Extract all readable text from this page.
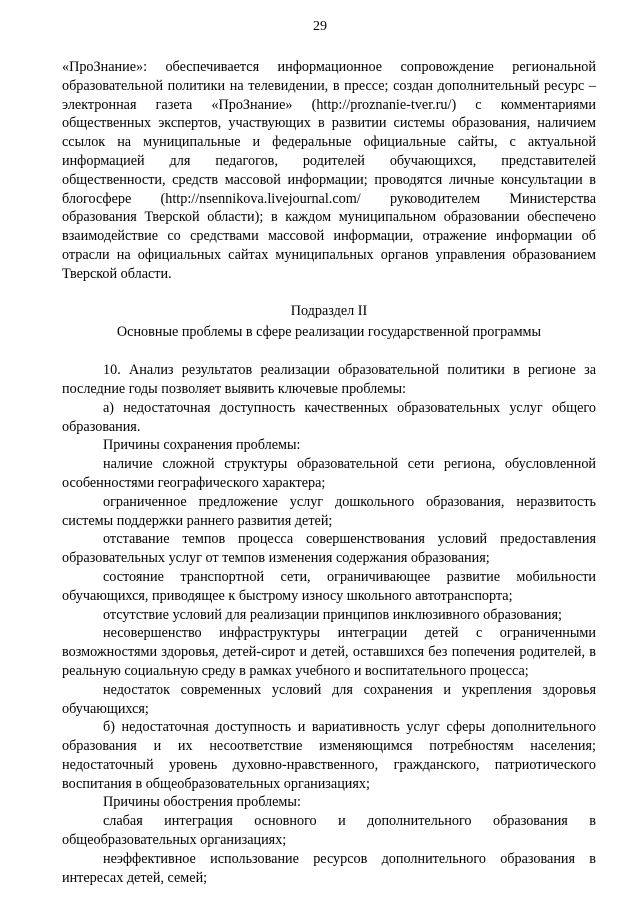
29

«ПроЗнание»: обеспечивается информационное сопровождение региональной образовательной политики на телевидении, в прессе; создан дополнительный ресурс – электронная газета «ПроЗнание» (http://proznanie-tver.ru/) с комментариями общественных экспертов, участвующих в развитии системы образования, наличием ссылок на муниципальные и федеральные официальные сайты, с актуальной информацией для педагогов, родителей обучающихся, представителей общественности, средств массовой информации; проводятся личные консультации в блогосфере (http://nsennikova.livejournal.com/ руководителем Министерства образования Тверской области); в каждом муниципальном образовании обеспечено взаимодействие со средствами массовой информации, отражение информации об отрасли на официальных сайтах муниципальных органов управления образованием Тверской области.

Подраздел II

Основные проблемы в сфере реализации государственной программы

10. Анализ результатов реализации образовательной политики в регионе за последние годы позволяет выявить ключевые проблемы:

а) недостаточная доступность качественных образовательных услуг общего образования.

Причины сохранения проблемы:

наличие сложной структуры образовательной сети региона, обусловленной особенностями географического характера;

ограниченное предложение услуг дошкольного образования, неразвитость системы поддержки раннего развития детей;

отставание темпов процесса совершенствования условий предоставления образовательных услуг от темпов изменения содержания образования;

состояние транспортной сети, ограничивающее развитие мобильности обучающихся, приводящее к быстрому износу школьного автотранспорта;

отсутствие условий для реализации принципов инклюзивного образования;

несовершенство инфраструктуры интеграции детей с ограниченными возможностями здоровья, детей-сирот и детей, оставшихся без попечения родителей, в реальную социальную среду в рамках учебного и воспитательного процесса;

недостаток современных условий для сохранения и укрепления здоровья обучающихся;

б) недостаточная доступность и вариативность услуг сферы дополнительного образования и их несоответствие изменяющимся потребностям населения; недостаточный уровень духовно-нравственного, гражданского, патриотического воспитания в общеобразовательных организациях;

Причины обострения проблемы:

слабая интеграция основного и дополнительного образования в общеобразовательных организациях;

неэффективное использование ресурсов дополнительного образования в интересах детей, семей;
